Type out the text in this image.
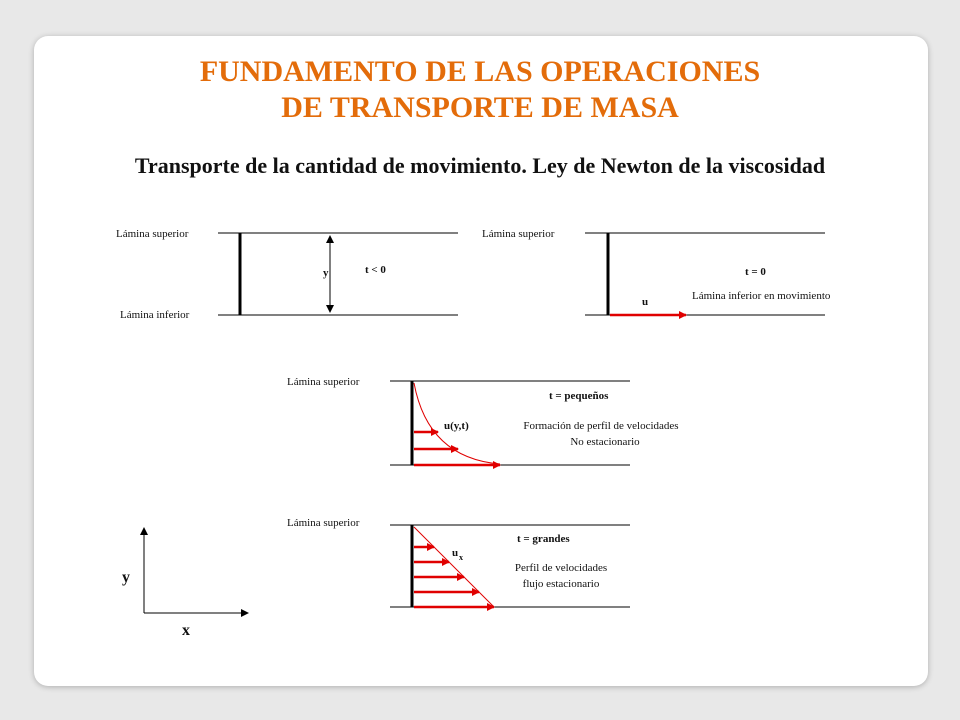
FUNDAMENTO DE LAS OPERACIONES
DE TRANSPORTE DE MASA
Transporte de la cantidad de movimiento. Ley de Newton de la viscosidad
Lámina superior
Lámina inferior
y	t < 0
Lámina superior
t = 0
u	Lámina inferior en movimiento
Lámina superior
t = pequeños
u(y,t)	Formación de perfil de velocidades
No estacionario
Lámina superior
t = grandes
u x
Perfil de velocidades
flujo estacionario
y
x
